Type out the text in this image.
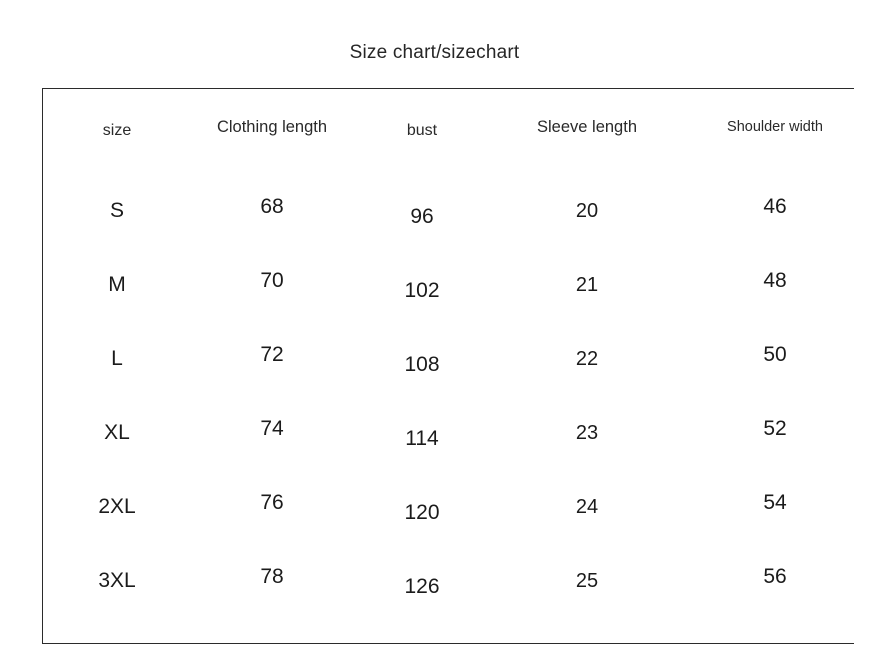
Size chart/sizechart
size	Clothing length	bust	Sleeve length	Shoulder width
S	68	96	20	46
M	70	102	21	48
L	72	108	22	50
XL	74	114	23	52
2XL	76	120	24	54
3XL	78	126	25	56
